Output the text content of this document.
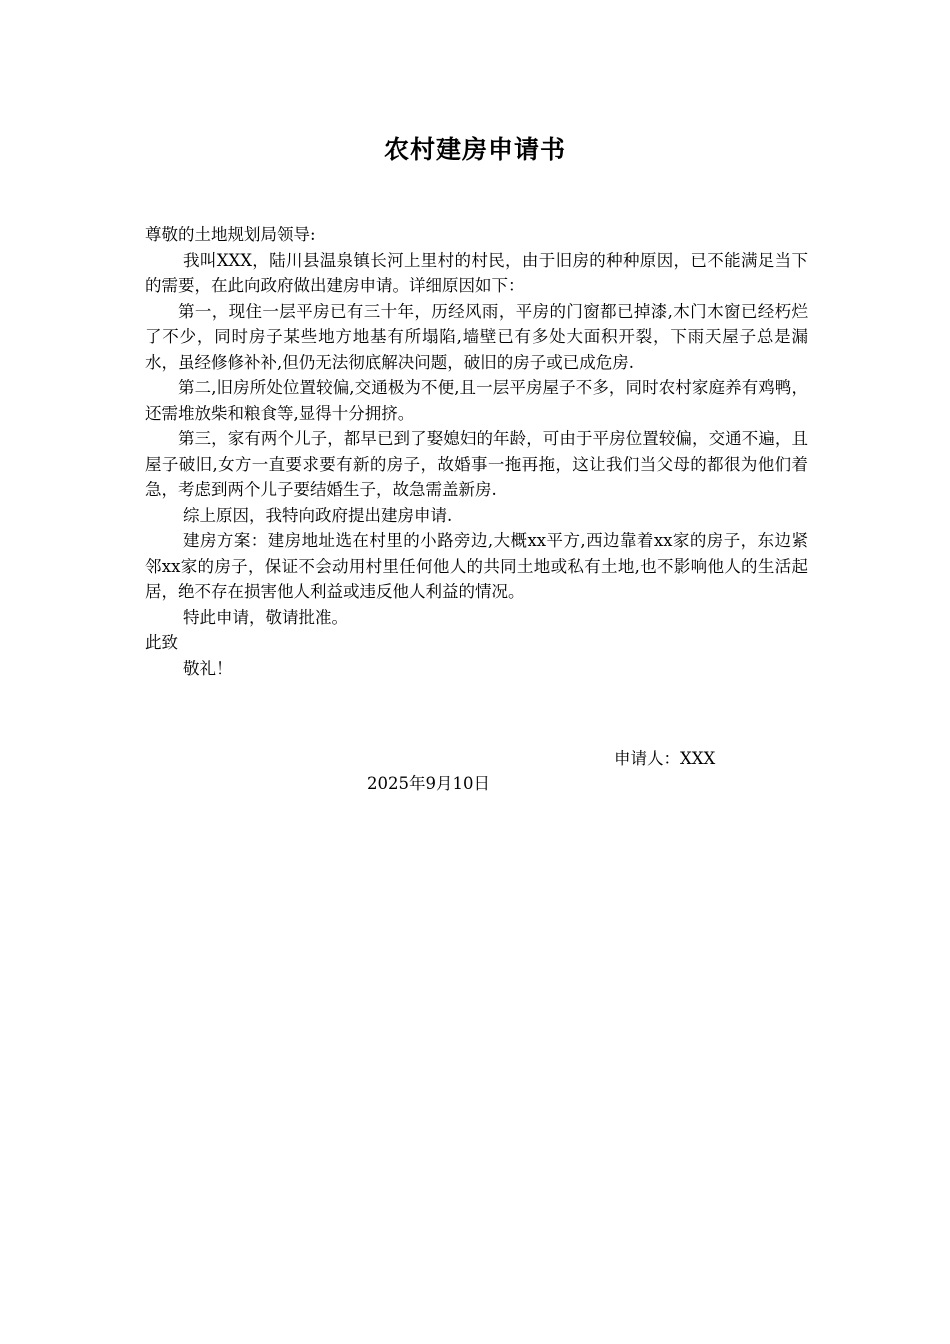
农村建房申请书

尊敬的土地规划局领导:

我叫XXX，陆川县温泉镇长河上里村的村民，由于旧房的种种原因，已不能满足当下的需要，在此向政府做出建房申请。详细原因如下：

第一，现住一层平房已有三十年，历经风雨，平房的门窗都已掉漆,木门木窗已经朽烂了不少，同时房子某些地方地基有所塌陷,墙壁已有多处大面积开裂，下雨天屋子总是漏水，虽经修修补补,但仍无法彻底解决问题，破旧的房子或已成危房.

第二,旧房所处位置较偏,交通极为不便,且一层平房屋子不多，同时农村家庭养有鸡鸭，还需堆放柴和粮食等,显得十分拥挤。

第三，家有两个儿子，都早已到了娶媳妇的年龄，可由于平房位置较偏，交通不遍，且屋子破旧,女方一直要求要有新的房子，故婚事一拖再拖，这让我们当父母的都很为他们着急，考虑到两个儿子要结婚生子，故急需盖新房.

综上原因，我特向政府提出建房申请.

建房方案：建房地址选在村里的小路旁边,大概xx平方,西边靠着xx家的房子，东边紧邻xx家的房子，保证不会动用村里任何他人的共同土地或私有土地,也不影响他人的生活起居，绝不存在损害他人利益或违反他人利益的情况。

特此申请，敬请批准。

此致

敬礼！

申请人：XXX
2025年9月10日
